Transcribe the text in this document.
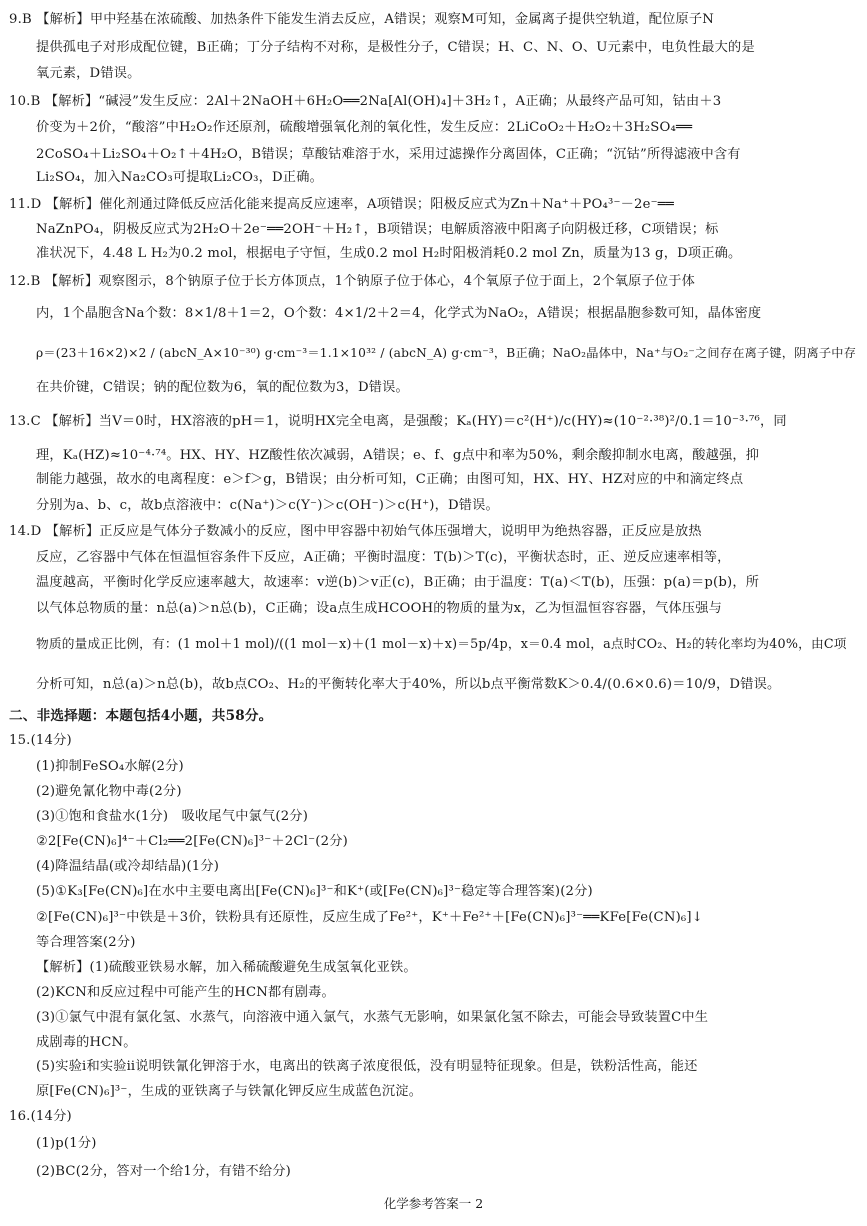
9.B 【解析】甲中羟基在浓硫酸、加热条件下能发生消去反应，A错误；观察M可知，金属离子提供空轨道，配位原子N
提供孤电子对形成配位键，B正确；丁分子结构不对称，是极性分子，C错误；H、C、N、O、U元素中，电负性最大的是
氧元素，D错误。
10.B 【解析】“碱浸”发生反应：2Al＋2NaOH＋6H₂O══2Na[Al(OH)₄]＋3H₂↑，A正确；从最终产品可知，钴由＋3
价变为＋2价，“酸溶”中H₂O₂作还原剂，硫酸增强氧化剂的氧化性，发生反应：2LiCoO₂＋H₂O₂＋3H₂SO₄══
2CoSO₄＋Li₂SO₄＋O₂↑＋4H₂O，B错误；草酸钴难溶于水，采用过滤操作分离固体，C正确；“沉钴”所得滤液中含有
Li₂SO₄，加入Na₂CO₃可提取Li₂CO₃，D正确。
11.D 【解析】催化剂通过降低反应活化能来提高反应速率，A项错误；阳极反应式为Zn＋Na⁺＋PO₄³⁻－2e⁻══
NaZnPO₄，阴极反应式为2H₂O＋2e⁻══2OH⁻＋H₂↑，B项错误；电解质溶液中阳离子向阴极迁移，C项错误；标
准状况下，4.48 L H₂为0.2 mol，根据电子守恒，生成0.2 mol H₂时阳极消耗0.2 mol Zn，质量为13 g，D项正确。
12.B 【解析】观察图示，8个钠原子位于长方体顶点，1个钠原子位于体心，4个氧原子位于面上，2个氧原子位于体
内，1个晶胞含Na个数：8×1/8＋1＝2，O个数：4×1/2＋2＝4，化学式为NaO₂，A错误；根据晶胞参数可知，晶体密度
ρ＝(23＋16×2)×2 / (abcN_A×10⁻³⁰) g·cm⁻³＝1.1×10³² / (abcN_A) g·cm⁻³，B正确；NaO₂晶体中，Na⁺与O₂⁻之间存在离子键，阴离子中存
在共价键，C错误；钠的配位数为6，氧的配位数为3，D错误。
13.C 【解析】当V＝0时，HX溶液的pH＝1，说明HX完全电离，是强酸；Kₐ(HY)＝c²(H⁺)/c(HY)≈(10⁻²·³⁸)²/0.1＝10⁻³·⁷⁶，同
理，Kₐ(HZ)≈10⁻⁴·⁷⁴。HX、HY、HZ酸性依次减弱，A错误；e、f、g点中和率为50%，剩余酸抑制水电离，酸越强，抑
制能力越强，故水的电离程度：e＞f＞g，B错误；由分析可知，C正确；由图可知，HX、HY、HZ对应的中和滴定终点
分别为a、b、c，故b点溶液中：c(Na⁺)＞c(Y⁻)＞c(OH⁻)＞c(H⁺)，D错误。
14.D 【解析】正反应是气体分子数减小的反应，图中甲容器中初始气体压强增大，说明甲为绝热容器，正反应是放热
反应，乙容器中气体在恒温恒容条件下反应，A正确；平衡时温度：T(b)＞T(c)，平衡状态时，正、逆反应速率相等，
温度越高，平衡时化学反应速率越大，故速率：v逆(b)＞v正(c)，B正确；由于温度：T(a)＜T(b)，压强：p(a)＝p(b)，所
以气体总物质的量：n总(a)＞n总(b)，C正确；设a点生成HCOOH的物质的量为x，乙为恒温恒容容器，气体压强与
物质的量成正比例，有：(1 mol＋1 mol)/((1 mol－x)＋(1 mol－x)＋x)＝5p/4p，x＝0.4 mol，a点时CO₂、H₂的转化率均为40%，由C项
分析可知，n总(a)＞n总(b)，故b点CO₂、H₂的平衡转化率大于40%，所以b点平衡常数K＞0.4/(0.6×0.6)＝10/9，D错误。
二、非选择题：本题包括4小题，共58分。
15.(14分)
(1)抑制FeSO₄水解(2分)
(2)避免氰化物中毒(2分)
(3)①饱和食盐水(1分)　吸收尾气中氯气(2分)
②2[Fe(CN)₆]⁴⁻＋Cl₂══2[Fe(CN)₆]³⁻＋2Cl⁻(2分)
(4)降温结晶(或冷却结晶)(1分)
(5)①K₃[Fe(CN)₆]在水中主要电离出[Fe(CN)₆]³⁻和K⁺(或[Fe(CN)₆]³⁻稳定等合理答案)(2分)
②[Fe(CN)₆]³⁻中铁是＋3价，铁粉具有还原性，反应生成了Fe²⁺，K⁺＋Fe²⁺＋[Fe(CN)₆]³⁻══KFe[Fe(CN)₆]↓
等合理答案(2分)
【解析】(1)硫酸亚铁易水解，加入稀硫酸避免生成氢氧化亚铁。
(2)KCN和反应过程中可能产生的HCN都有剧毒。
(3)①氯气中混有氯化氢、水蒸气，向溶液中通入氯气，水蒸气无影响，如果氯化氢不除去，可能会导致装置C中生
成剧毒的HCN。
(5)实验ⅰ和实验ⅱ说明铁氰化钾溶于水，电离出的铁离子浓度很低，没有明显特征现象。但是，铁粉活性高，能还
原[Fe(CN)₆]³⁻，生成的亚铁离子与铁氰化钾反应生成蓝色沉淀。
16.(14分)
(1)p(1分)
(2)BC(2分，答对一个给1分，有错不给分)
化学参考答案一 2
